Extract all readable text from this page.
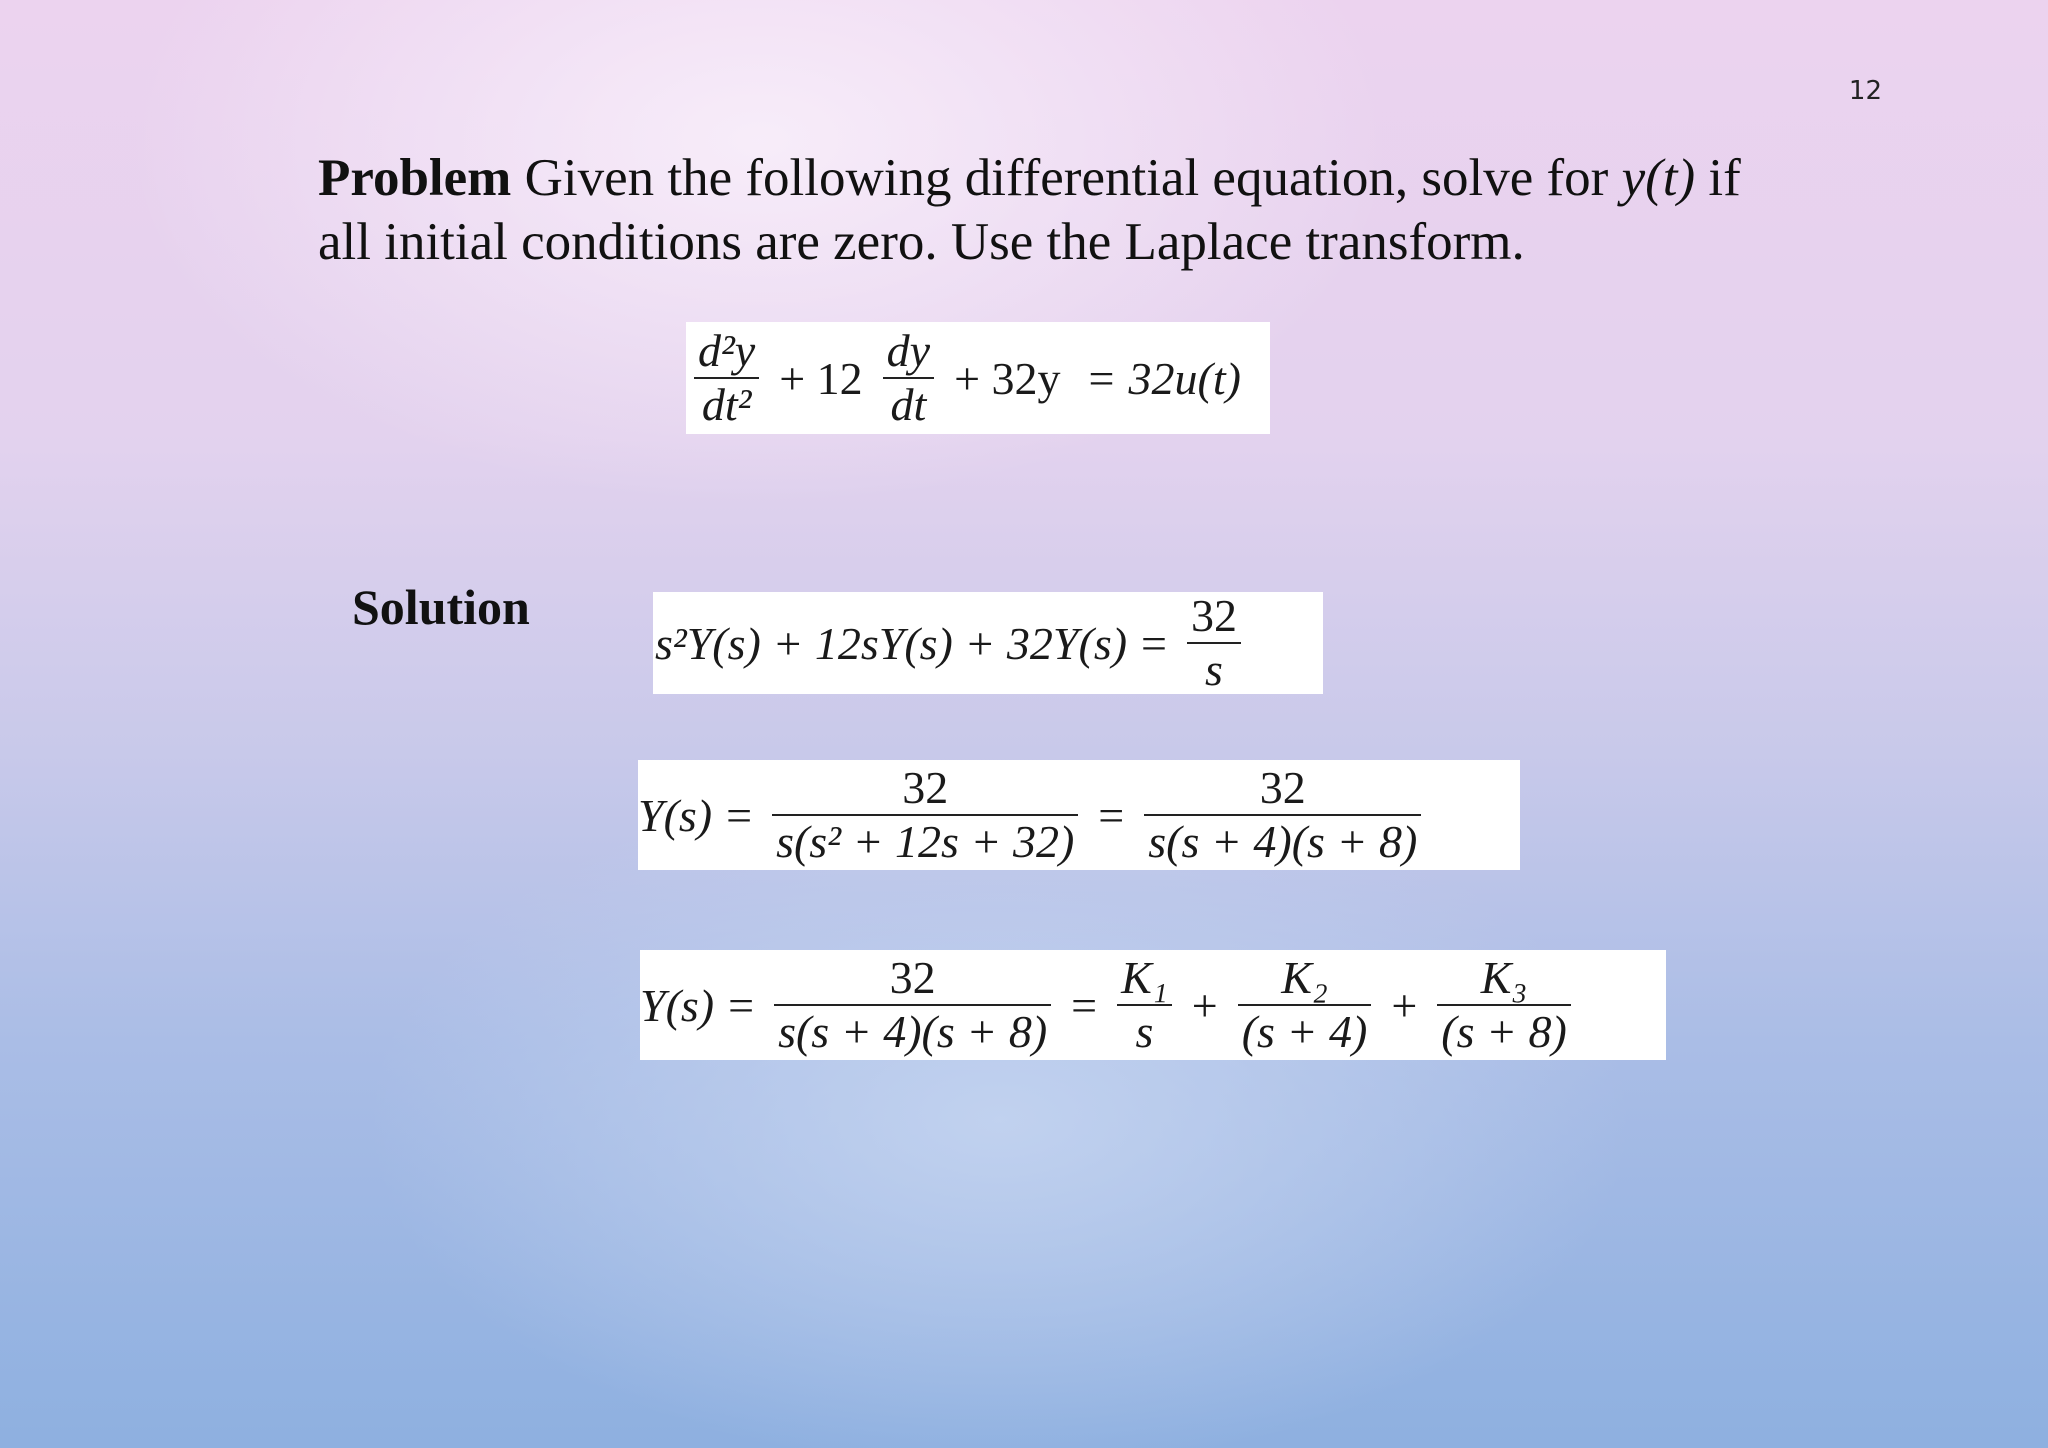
12
Problem Given the following differential equation, solve for y(t) if all initial conditions are zero. Use the Laplace transform.
$\frac{\text{d²y}}{\text{dt²}} + 12 \frac{dy}{dt} + 32y = 32u(t)$
Solution
$s^2Y(s) + 12sY(s) + 32Y(s) = \frac{32}{s}$
$Y(s) = \frac{32}{\text{s(s² + 12s + 32)}} = \frac{32}{s(s + 4)(s + 8)}$
$Y(s) = \frac{32}{s(s + 4)(s + 8)} = \frac{\text{K₁}}{s} + \frac{\text{K₂}}{(s + 4)} + \frac{\text{K₃}}{(s + 8)}$
